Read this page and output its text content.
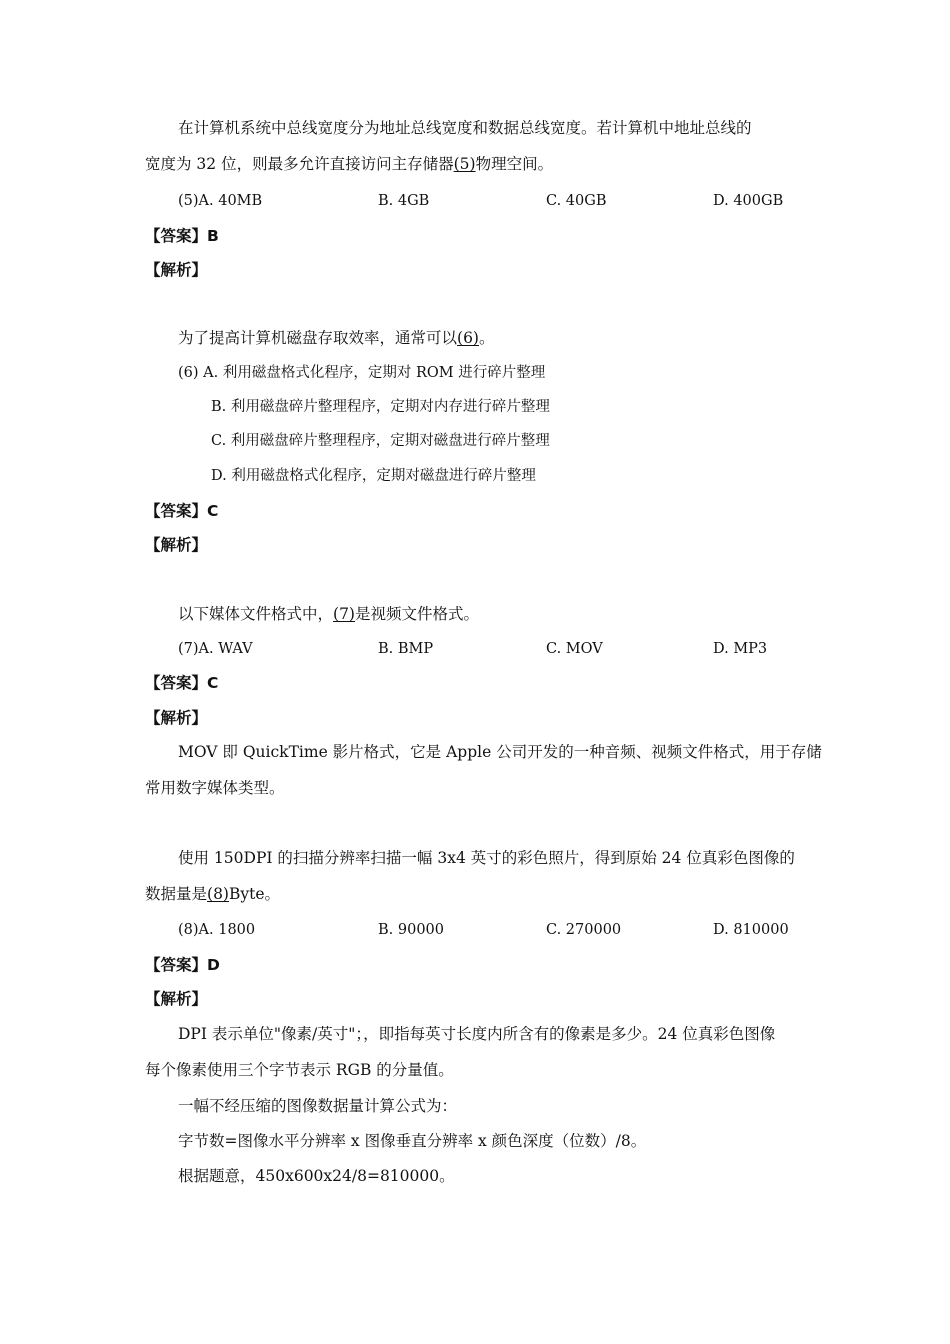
在计算机系统中总线宽度分为地址总线宽度和数据总线宽度。若计算机中地址总线的
宽度为 32 位，则最多允许直接访问主存储器(5)物理空间。
(5)A. 40MB	B. 4GB	C. 40GB	D. 400GB
【答案】B
【解析】
为了提高计算机磁盘存取效率，通常可以(6)。
(6) A. 利用磁盘格式化程序，定期对 ROM 进行碎片整理
B. 利用磁盘碎片整理程序，定期对内存进行碎片整理
C. 利用磁盘碎片整理程序，定期对磁盘进行碎片整理
D. 利用磁盘格式化程序，定期对磁盘进行碎片整理
【答案】C
【解析】
以下媒体文件格式中，(7)是视频文件格式。
(7)A. WAV	B. BMP	C. MOV	D. MP3
【答案】C
【解析】
MOV 即 QuickTime 影片格式，它是 Apple 公司开发的一种音频、视频文件格式，用于存储
常用数字媒体类型。
使用 150DPI 的扫描分辨率扫描一幅 3x4 英寸的彩色照片，得到原始 24 位真彩色图像的
数据量是(8)Byte。
(8)A. 1800	B. 90000	C. 270000	D. 810000
【答案】D
【解析】
DPI 表示单位"像素/英寸"；，即指每英寸长度内所含有的像素是多少。24 位真彩色图像
每个像素使用三个字节表示 RGB 的分量值。
一幅不经压缩的图像数据量计算公式为：
字节数=图像水平分辨率 x 图像垂直分辨率 x 颜色深度（位数）/8。
根据题意，450x600x24/8=810000。
